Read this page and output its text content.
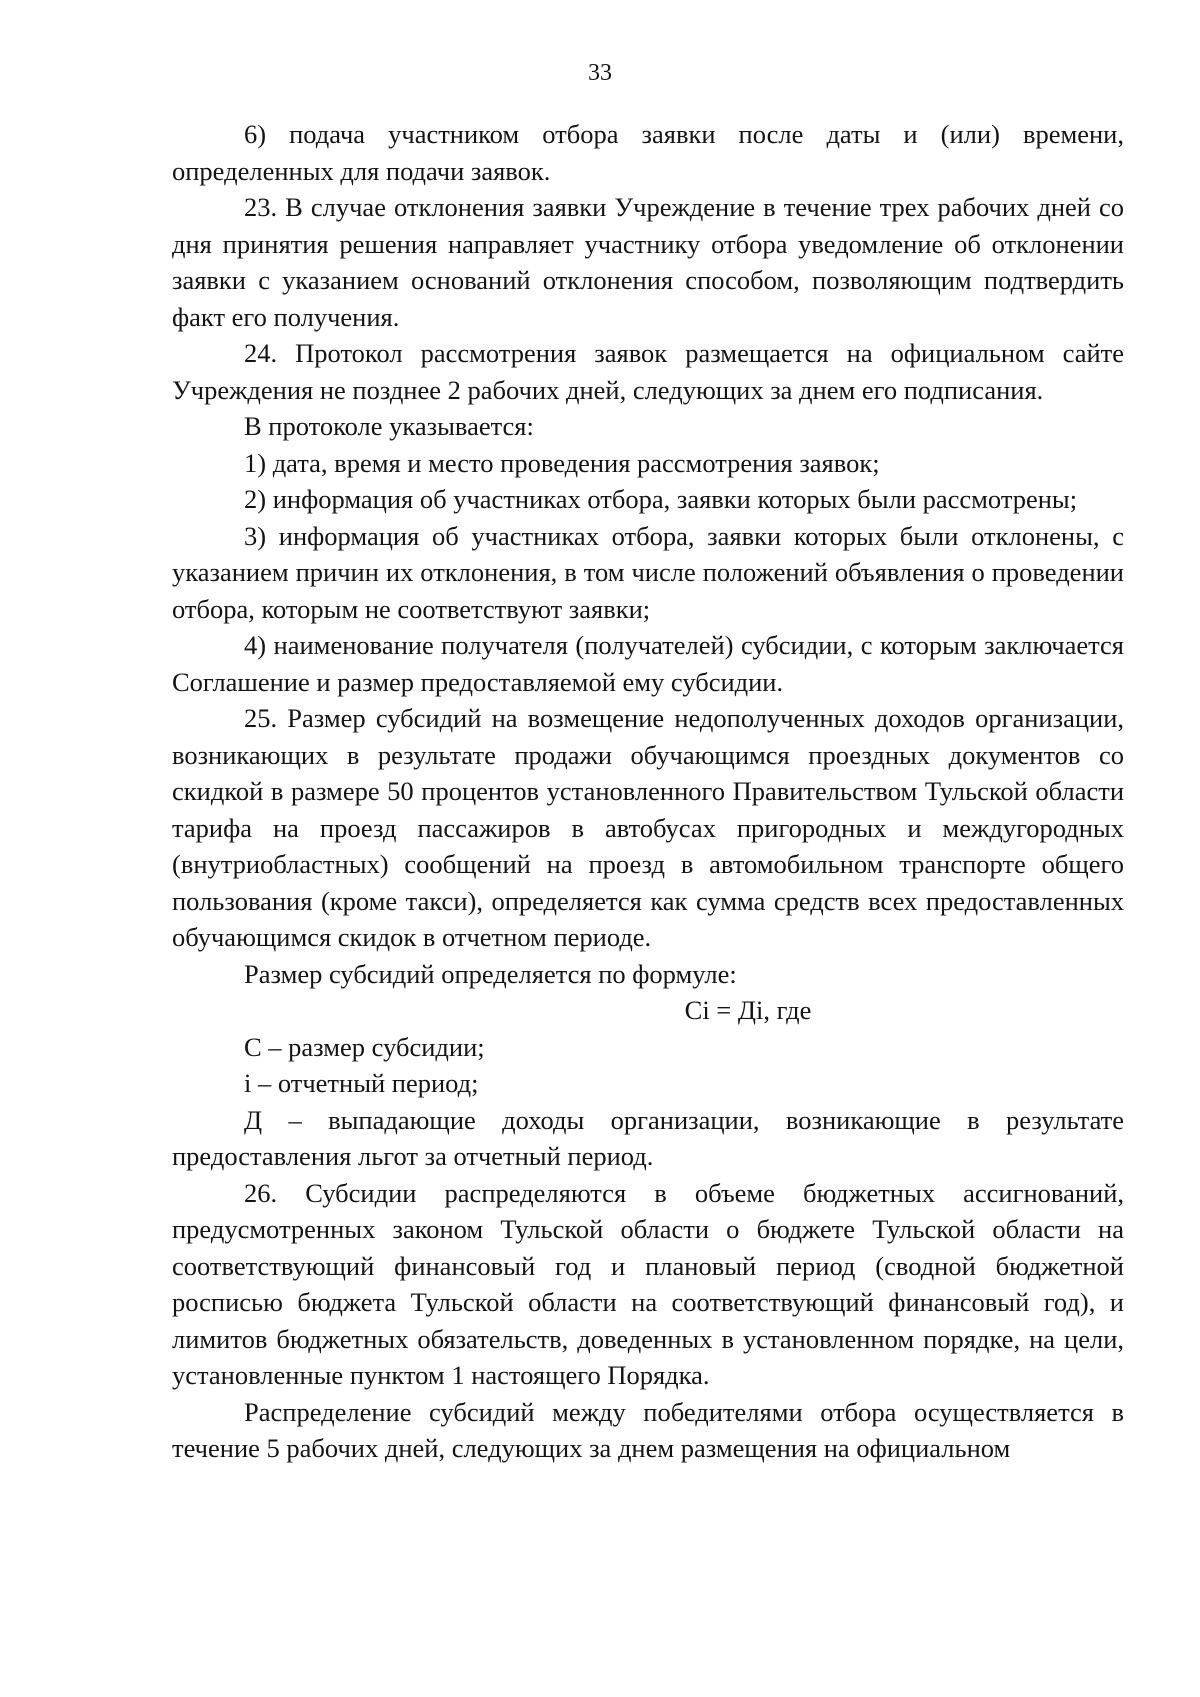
33

6) подача участником отбора заявки после даты и (или) времени, определенных для подачи заявок.

23. В случае отклонения заявки Учреждение в течение трех рабочих дней со дня принятия решения направляет участнику отбора уведомление об отклонении заявки с указанием оснований отклонения способом, позволяющим подтвердить факт его получения.

24. Протокол рассмотрения заявок размещается на официальном сайте Учреждения не позднее 2 рабочих дней, следующих за днем его подписания.

В протоколе указывается:

1) дата, время и место проведения рассмотрения заявок;

2) информация об участниках отбора, заявки которых были рассмотрены;

3) информация об участниках отбора, заявки которых были отклонены, с указанием причин их отклонения, в том числе положений объявления о проведении отбора, которым не соответствуют заявки;

4) наименование получателя (получателей) субсидии, с которым заключается Соглашение и размер предоставляемой ему субсидии.

25. Размер субсидий на возмещение недополученных доходов организации, возникающих в результате продажи обучающимся проездных документов со скидкой в размере 50 процентов установленного Правительством Тульской области тарифа на проезд пассажиров в автобусах пригородных и междугородных (внутриобластных) сообщений на проезд в автомобильном транспорте общего пользования (кроме такси), определяется как сумма средств всех предоставленных обучающимся скидок в отчетном периоде.

Размер субсидий определяется по формуле:

Ci = Дi, где

С – размер субсидии;

i – отчетный период;

Д – выпадающие доходы организации, возникающие в результате предоставления льгот за отчетный период.

26. Субсидии распределяются в объеме бюджетных ассигнований, предусмотренных законом Тульской области о бюджете Тульской области на соответствующий финансовый год и плановый период (сводной бюджетной росписью бюджета Тульской области на соответствующий финансовый год), и лимитов бюджетных обязательств, доведенных в установленном порядке, на цели, установленные пунктом 1 настоящего Порядка.

Распределение субсидий между победителями отбора осуществляется в течение 5 рабочих дней, следующих за днем размещения на официальном
